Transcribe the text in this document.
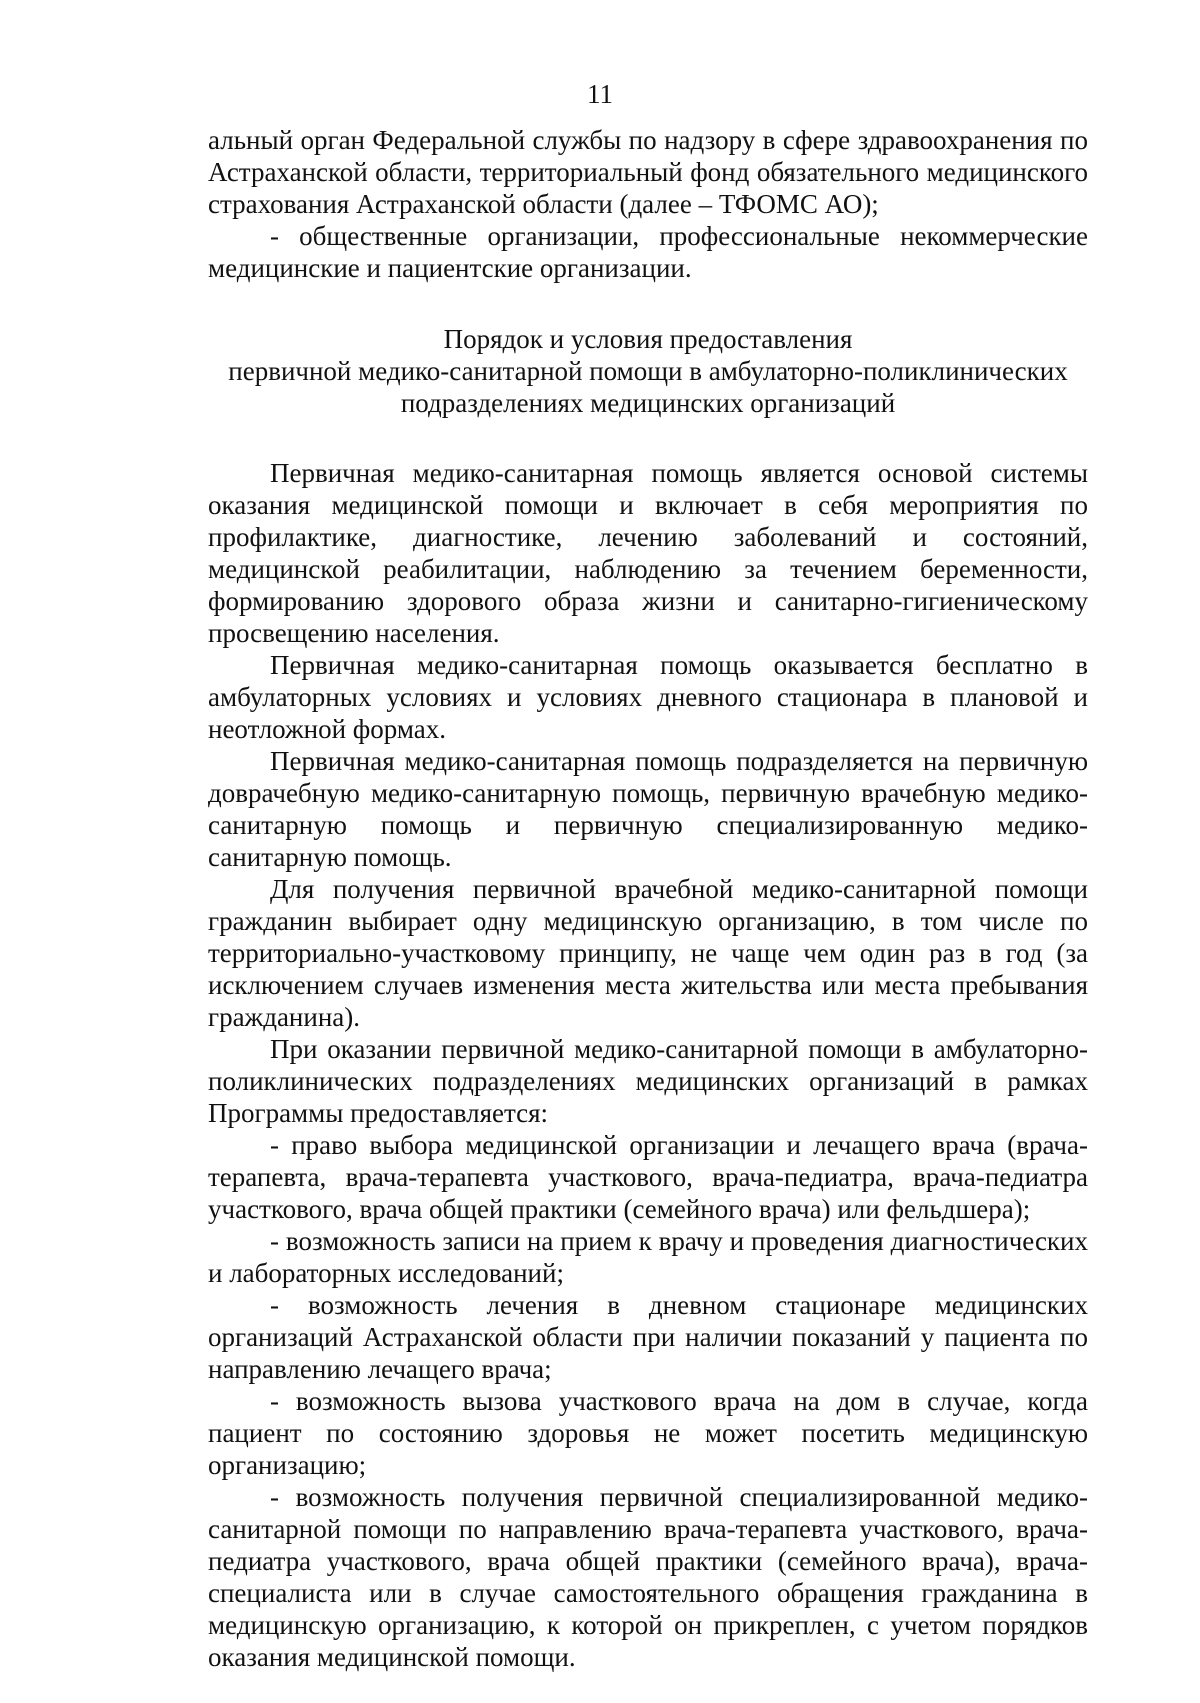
11

альный орган Федеральной службы по надзору в сфере здравоохранения по Астраханской области, территориальный фонд обязательного медицинского страхования Астраханской области (далее – ТФОМС АО);

- общественные организации, профессиональные некоммерческие медицинские и пациентские организации.

Порядок и условия предоставления
первичной медико-санитарной помощи в амбулаторно-поликлинических
подразделениях медицинских организаций

Первичная медико-санитарная помощь является основой системы оказания медицинской помощи и включает в себя мероприятия по профилактике, диагностике, лечению заболеваний и состояний, медицинской реабилитации, наблюдению за течением беременности, формированию здорового образа жизни и санитарно-гигиеническому просвещению населения.

Первичная медико-санитарная помощь оказывается бесплатно в амбулаторных условиях и условиях дневного стационара в плановой и неотложной формах.

Первичная медико-санитарная помощь подразделяется на первичную доврачебную медико-санитарную помощь, первичную врачебную медико-санитарную помощь и первичную специализированную медико-санитарную помощь.

Для получения первичной врачебной медико-санитарной помощи гражданин выбирает одну медицинскую организацию, в том числе по территориально-участковому принципу, не чаще чем один раз в год (за исключением случаев изменения места жительства или места пребывания гражданина).

При оказании первичной медико-санитарной помощи в амбулаторно-поликлинических подразделениях медицинских организаций в рамках Программы предоставляется:

- право выбора медицинской организации и лечащего врача (врача-терапевта, врача-терапевта участкового, врача-педиатра, врача-педиатра участкового, врача общей практики (семейного врача) или фельдшера);

- возможность записи на прием к врачу и проведения диагностических и лабораторных исследований;

- возможность лечения в дневном стационаре медицинских организаций Астраханской области при наличии показаний у пациента по направлению лечащего врача;

- возможность вызова участкового врача на дом в случае, когда пациент по состоянию здоровья не может посетить медицинскую организацию;

- возможность получения первичной специализированной медико-санитарной помощи по направлению врача-терапевта участкового, врача-педиатра участкового, врача общей практики (семейного врача), врача-специалиста или в случае самостоятельного обращения гражданина в медицинскую организацию, к которой он прикреплен, с учетом порядков оказания медицинской помощи.
